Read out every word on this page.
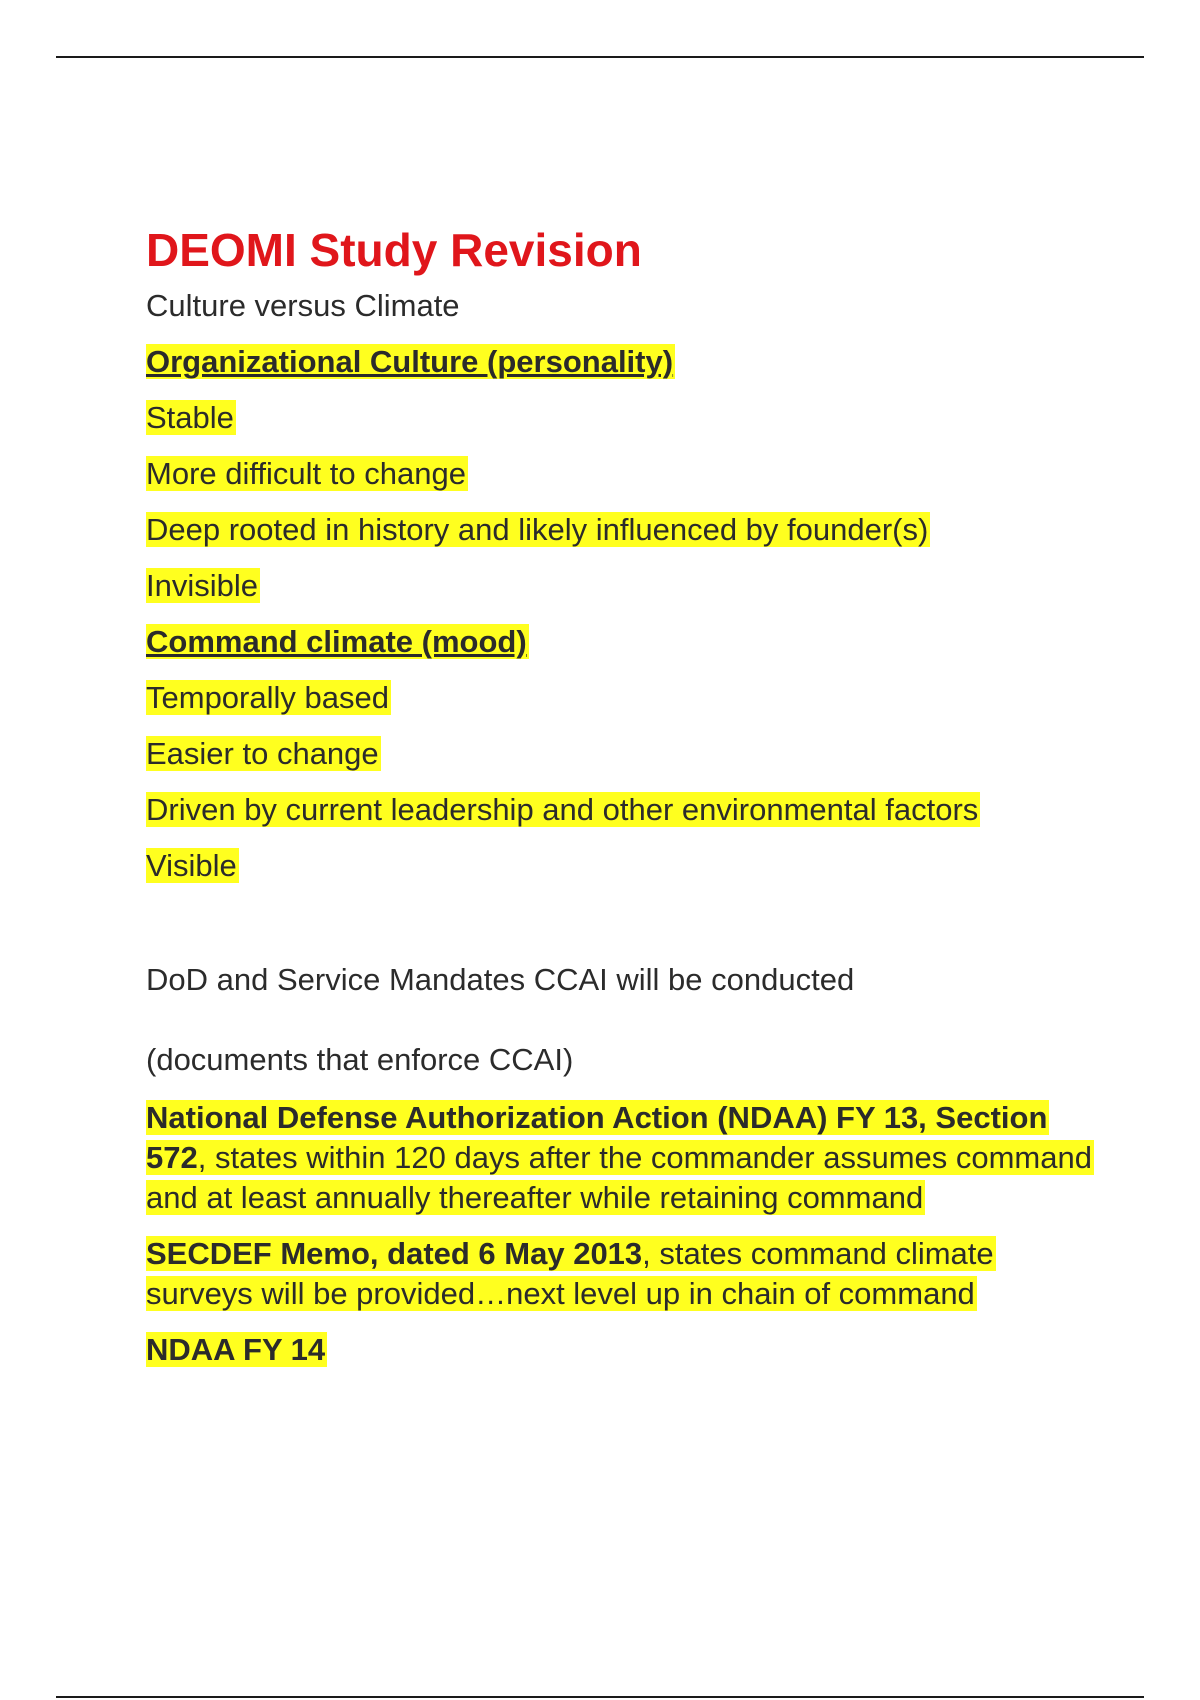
DEOMI Study Revision

Culture versus Climate

Organizational Culture (personality)

Stable

More difficult to change

Deep rooted in history and likely influenced by founder(s)

Invisible

Command climate (mood)

Temporally based

Easier to change

Driven by current leadership and other environmental factors

Visible

DoD and Service Mandates CCAI will be conducted

(documents that enforce CCAI)

National Defense Authorization Action (NDAA) FY 13, Section 572, states within 120 days after the commander assumes command and at least annually thereafter while retaining command

SECDEF Memo, dated 6 May 2013, states command climate surveys will be provided…next level up in chain of command

NDAA FY 14
